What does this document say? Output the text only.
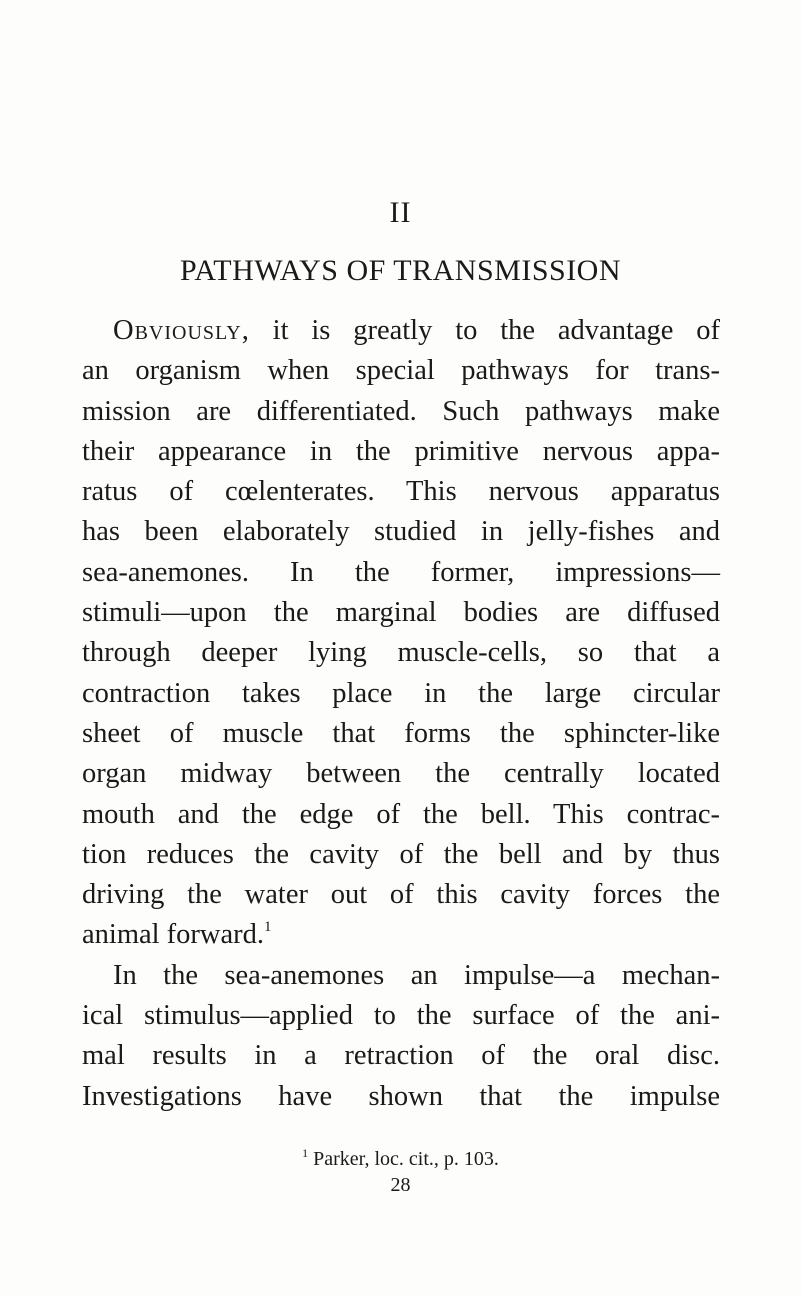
II
PATHWAYS OF TRANSMISSION
Obviously, it is greatly to the advantage of
an organism when special pathways for trans-
mission are differentiated. Such pathways make
their appearance in the primitive nervous appa-
ratus of cœlenterates. This nervous apparatus
has been elaborately studied in jelly-fishes and
sea-anemones. In the former, impressions—
stimuli—upon the marginal bodies are diffused
through deeper lying muscle-cells, so that a
contraction takes place in the large circular
sheet of muscle that forms the sphincter-like
organ midway between the centrally located
mouth and the edge of the bell. This contrac-
tion reduces the cavity of the bell and by thus
driving the water out of this cavity forces the
animal forward.$^1$
In the sea-anemones an impulse—a mechan-
ical stimulus—applied to the surface of the ani-
mal results in a retraction of the oral disc.
Investigations have shown that the impulse
$^1$ Parker, loc. cit., p. 103.
28
